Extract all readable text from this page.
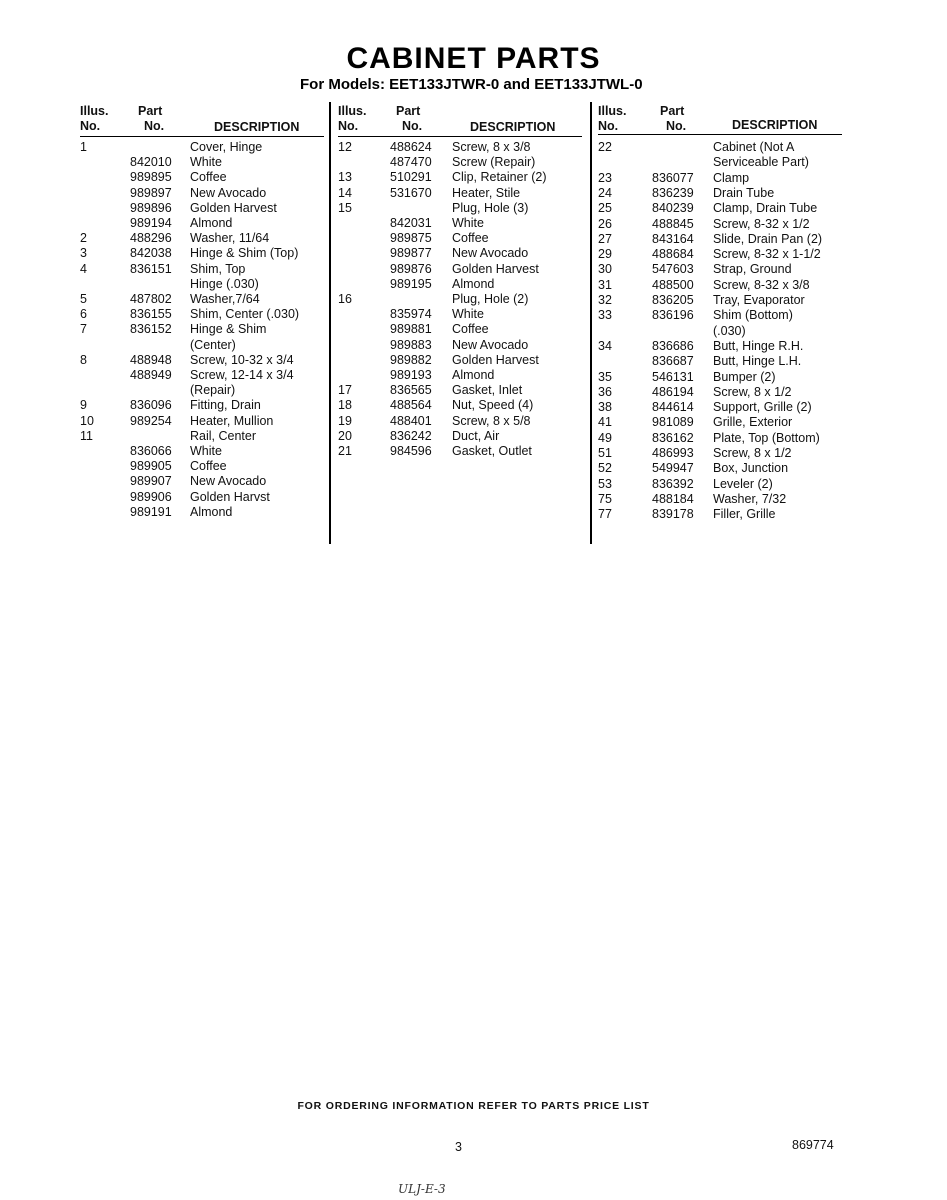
CABINET PARTS
For Models: EET133JTWR-0 and EET133JTWL-0
Illus.
No.
Part
No.	DESCRIPTION
1	Cover, Hinge
842010 White
989895 Coffee
989897 New Avocado
989896 Golden Harvest
989194 Almond
2	488296 Washer, 11/64
3	842038 Hinge & Shim (Top)
4	836151 Shim, Top
Hinge (.030)
5	487802 Washer,7/64
6	836155 Shim, Center (.030)
7	836152 Hinge & Shim
(Center)
8	488948 Screw, 10-32 x 3/4
488949 Screw, 12-14 x 3/4
(Repair)
9	836096 Fitting, Drain
10	989254 Heater, Mullion
11	Rail, Center
836066 White
989905 Coffee
989907 New Avocado
989906 Golden Harvst
989191 Almond
Illus.
No.
Part
No.	DESCRIPTION
12	488624 Screw, 8 x 3/8
487470 Screw (Repair)
13	510291 Clip, Retainer (2)
14	531670 Heater, Stile
15	Plug, Hole (3)
842031 White
989875 Coffee
989877 New Avocado
989876 Golden Harvest
989195 Almond
16	Plug, Hole (2)
835974 White
989881 Coffee
989883 New Avocado
989882 Golden Harvest
989193 Almond
17	836565 Gasket, Inlet
18	488564 Nut, Speed (4)
19	488401 Screw, 8 x 5/8
20	836242 Duct, Air
21	984596 Gasket, Outlet
Illus.
No.
Part
No.	DESCRIPTION
22	Cabinet (Not A
Serviceable Part)
23	836077 Clamp
24	836239 Drain Tube
25	840239 Clamp, Drain Tube
26	488845 Screw, 8-32 x 1/2
27	843164 Slide, Drain Pan (2)
29	488684 Screw, 8-32 x 1-1/2
30	547603 Strap, Ground
31	488500 Screw, 8-32 x 3/8
32	836205 Tray, Evaporator
33	836196 Shim (Bottom)
(.030)
34	836686 Butt, Hinge R.H.
836687 Butt, Hinge L.H.
35	546131 Bumper (2)
36	486194 Screw, 8 x 1/2
38	844614 Support, Grille (2)
41	981089 Grille, Exterior
49	836162 Plate, Top (Bottom)
51	486993 Screw, 8 x 1/2
52	549947 Box, Junction
53	836392 Leveler (2)
75	488184 Washer, 7/32
77	839178 Filler, Grille
FOR ORDERING INFORMATION REFER TO PARTS PRICE LIST
3	869774
ULJ-E-3
